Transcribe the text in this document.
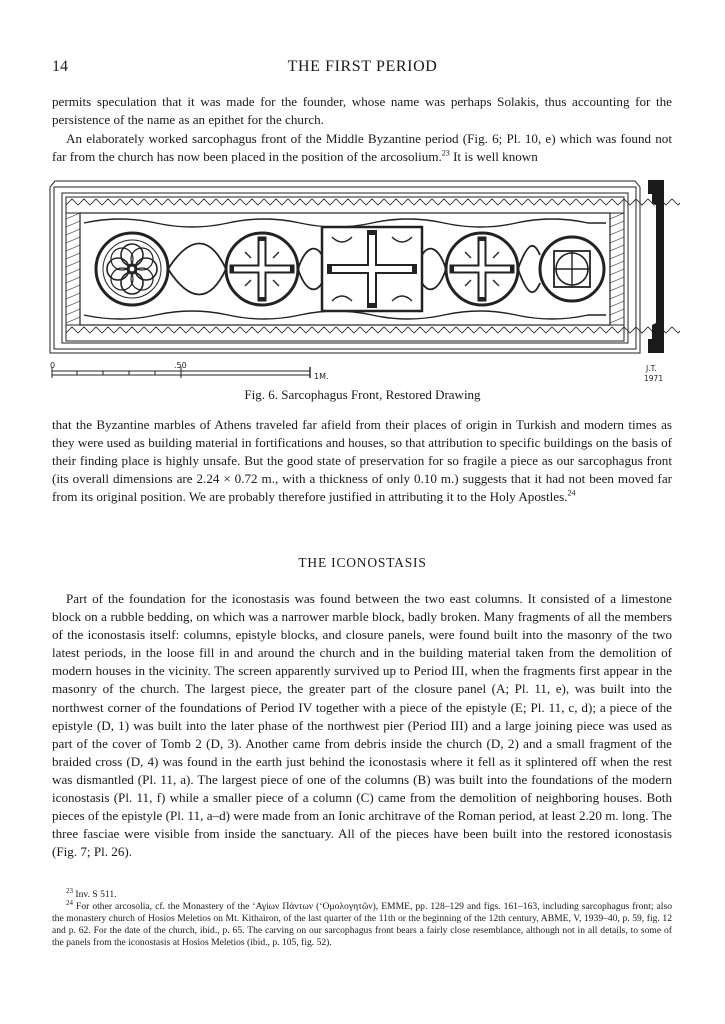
14	THE FIRST PERIOD

permits speculation that it was made for the founder, whose name was perhaps Solakis, thus accounting for the persistence of the name as an epithet for the church.

An elaborately worked sarcophagus front of the Middle Byzantine period (Fig. 6; Pl. 10, e) which was found not far from the church has now been placed in the position of the arcosolium.$^{23}$ It is well known

0	.50
1M.
J.T.
1971
Fig. 6. Sarcophagus Front, Restored Drawing

that the Byzantine marbles of Athens traveled far afield from their places of origin in Turkish and modern times as they were used as building material in fortifications and houses, so that attribution to specific buildings on the basis of their finding place is highly unsafe. But the good state of preservation for so fragile a piece as our sarcophagus front (its overall dimensions are 2.24 × 0.72 m., with a thickness of only 0.10 m.) suggests that it had not been moved far from its original position. We are probably therefore justified in attributing it to the Holy Apostles.$^{24}$

THE ICONOSTASIS

Part of the foundation for the iconostasis was found between the two east columns. It consisted of a limestone block on a rubble bedding, on which was a narrower marble block, badly broken. Many fragments of all the members of the iconostasis itself: columns, epistyle blocks, and closure panels, were found built into the masonry of the two latest periods, in the loose fill in and around the church and in the building material taken from the demolition of modern houses in the vicinity. The screen apparently survived up to Period III, when the fragments first appear in the masonry of the church. The largest piece, the greater part of the closure panel (A; Pl. 11, e), was built into the northwest corner of the foundations of Period IV together with a piece of the epistyle (E; Pl. 11, c, d); a piece of the epistyle (D, 1) was built into the later phase of the northwest pier (Period III) and a large joining piece was used as part of the cover of Tomb 2 (D, 3). Another came from debris inside the church (D, 2) and a small fragment of the braided cross (D, 4) was found in the earth just behind the iconostasis where it fell as it splintered off when the rest was dismantled (Pl. 11, a). The largest piece of one of the columns (B) was built into the foundations of the modern iconostasis (Pl. 11, f) while a smaller piece of a column (C) came from the demolition of neighboring houses. Both pieces of the epistyle (Pl. 11, a–d) were made from an Ionic architrave of the Roman period, at least 2.20 m. long. The three fasciae were visible from inside the sanctuary. All of the pieces have been built into the restored iconostasis (Fig. 7; Pl. 26).

$^{23}$ Inv. S 511.

$^{24}$ For other arcosolia, cf. the Monastery of the ‘Αγίων Πάντων (‘Ομολογητῶν), EMME, pp. 128–129 and figs. 161–163, including sarcophagus front; also the monastery church of Hosios Meletios on Mt. Kithairon, of the last quarter of the 11th or the beginning of the 12th century, ABME, V, 1939–40, p. 59, fig. 12 and p. 62. For the date of the church, ibid., p. 65. The carving on our sarcophagus front bears a fairly close resemblance, although not in all details, to some of the panels from the iconostasis at Hosios Meletios (ibid., p. 105, fig. 52).
